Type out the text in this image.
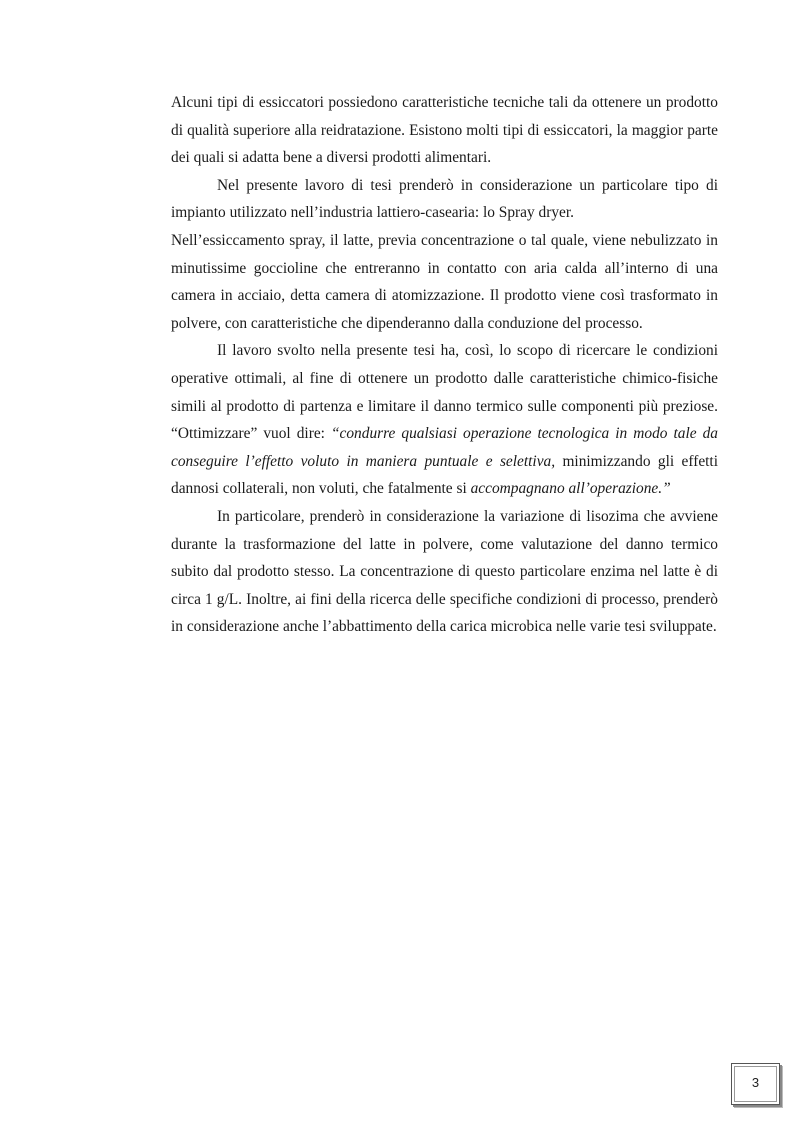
Alcuni tipi di essiccatori possiedono caratteristiche tecniche tali da ottenere un prodotto di qualità superiore alla reidratazione. Esistono molti tipi di essiccatori, la maggior parte dei quali si adatta bene a diversi prodotti alimentari.

Nel presente lavoro di tesi prenderò in considerazione un particolare tipo di impianto utilizzato nell’industria lattiero-casearia: lo Spray dryer.

Nell’essiccamento spray, il latte, previa concentrazione o tal quale, viene nebulizzato in minutissime goccioline che entreranno in contatto con aria calda all’interno di una camera in acciaio, detta camera di atomizzazione. Il prodotto viene così trasformato in polvere, con caratteristiche che dipenderanno dalla conduzione del processo.

Il lavoro svolto nella presente tesi ha, così, lo scopo di ricercare le condizioni operative ottimali, al fine di ottenere un prodotto dalle caratteristiche chimico-fisiche simili al prodotto di partenza e limitare il danno termico sulle componenti più preziose. “Ottimizzare” vuol dire: “condurre qualsiasi operazione tecnologica in modo tale da conseguire l’effetto voluto in maniera puntuale e selettiva, minimizzando gli effetti dannosi collaterali, non voluti, che fatalmente si accompagnano all’operazione.”

In particolare, prenderò in considerazione la variazione di lisozima che avviene durante la trasformazione del latte in polvere, come valutazione del danno termico subito dal prodotto stesso. La concentrazione di questo particolare enzima nel latte è di circa 1 g/L. Inoltre, ai fini della ricerca delle specifiche condizioni di processo, prenderò in considerazione anche l’abbattimento della carica microbica nelle varie tesi sviluppate.

3
